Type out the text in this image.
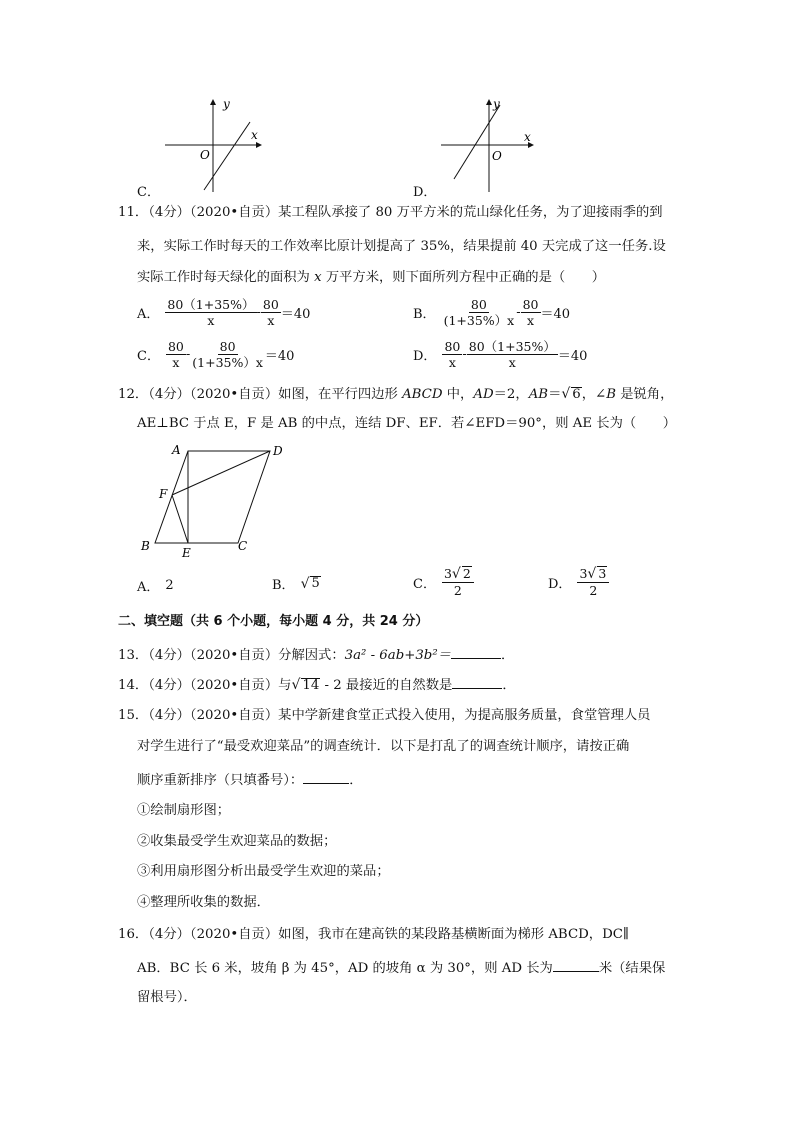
y
x
O
C．
y
x
O
D．
11．（4分）（2020•自贡）某工程队承接了 80 万平方米的荒山绿化任务，为了迎接雨季的到
来，实际工作时每天的工作效率比原计划提高了 35%，结果提前 40 天完成了这一任务.设
实际工作时每天绿化的面积为 x 万平方米，则下面所列方程中正确的是（　　）
A． $\frac{80(1+35\%)}{x} - \frac{80}{x} =40$	B． $\frac{80}{(1+35\%)x} - \frac{80}{x} =40$
C． $\frac{80}{x} - \frac{80}{(1+35\%)x} =40$	D． $\frac{80}{x} - \frac{80(1+35\%)}{x} =40$
12．（4分）（2020•自贡）如图，在平行四边形 ABCD 中，AD＝2，AB＝√ 6，∠B 是锐角，
AE⊥BC 于点 E，F 是 AB 的中点，连结 DF、EF．若∠EFD＝90°，则 AE 长为（　　）
A	D
F
B	E	C
A． 2	B． √ 5	C． $\frac{3√ 2}{2}$	D． $\frac{3√ 3}{2}$
二、填空题（共 6 个小题，每小题 4 分，共 24 分）
13．（4分）（2020•自贡）分解因式：3a² - 6ab+3b²＝	．
14．（4分）（2020•自贡）与√ 14 - 2 最接近的自然数是	．
15．（4分）（2020•自贡）某中学新建食堂正式投入使用，为提高服务质量，食堂管理人员
对学生进行了“最受欢迎菜品”的调查统计．以下是打乱了的调查统计顺序，请按正确
顺序重新排序（只填番号）：	．
①绘制扇形图；
②收集最受学生欢迎菜品的数据；
③利用扇形图分析出最受学生欢迎的菜品；
④整理所收集的数据．
16．（4分）（2020•自贡）如图，我市在建高铁的某段路基横断面为梯形 ABCD，DC∥
AB．BC 长 6 米，坡角 β 为 45°，AD 的坡角 α 为 30°，则 AD 长为	米（结果保
留根号）．
